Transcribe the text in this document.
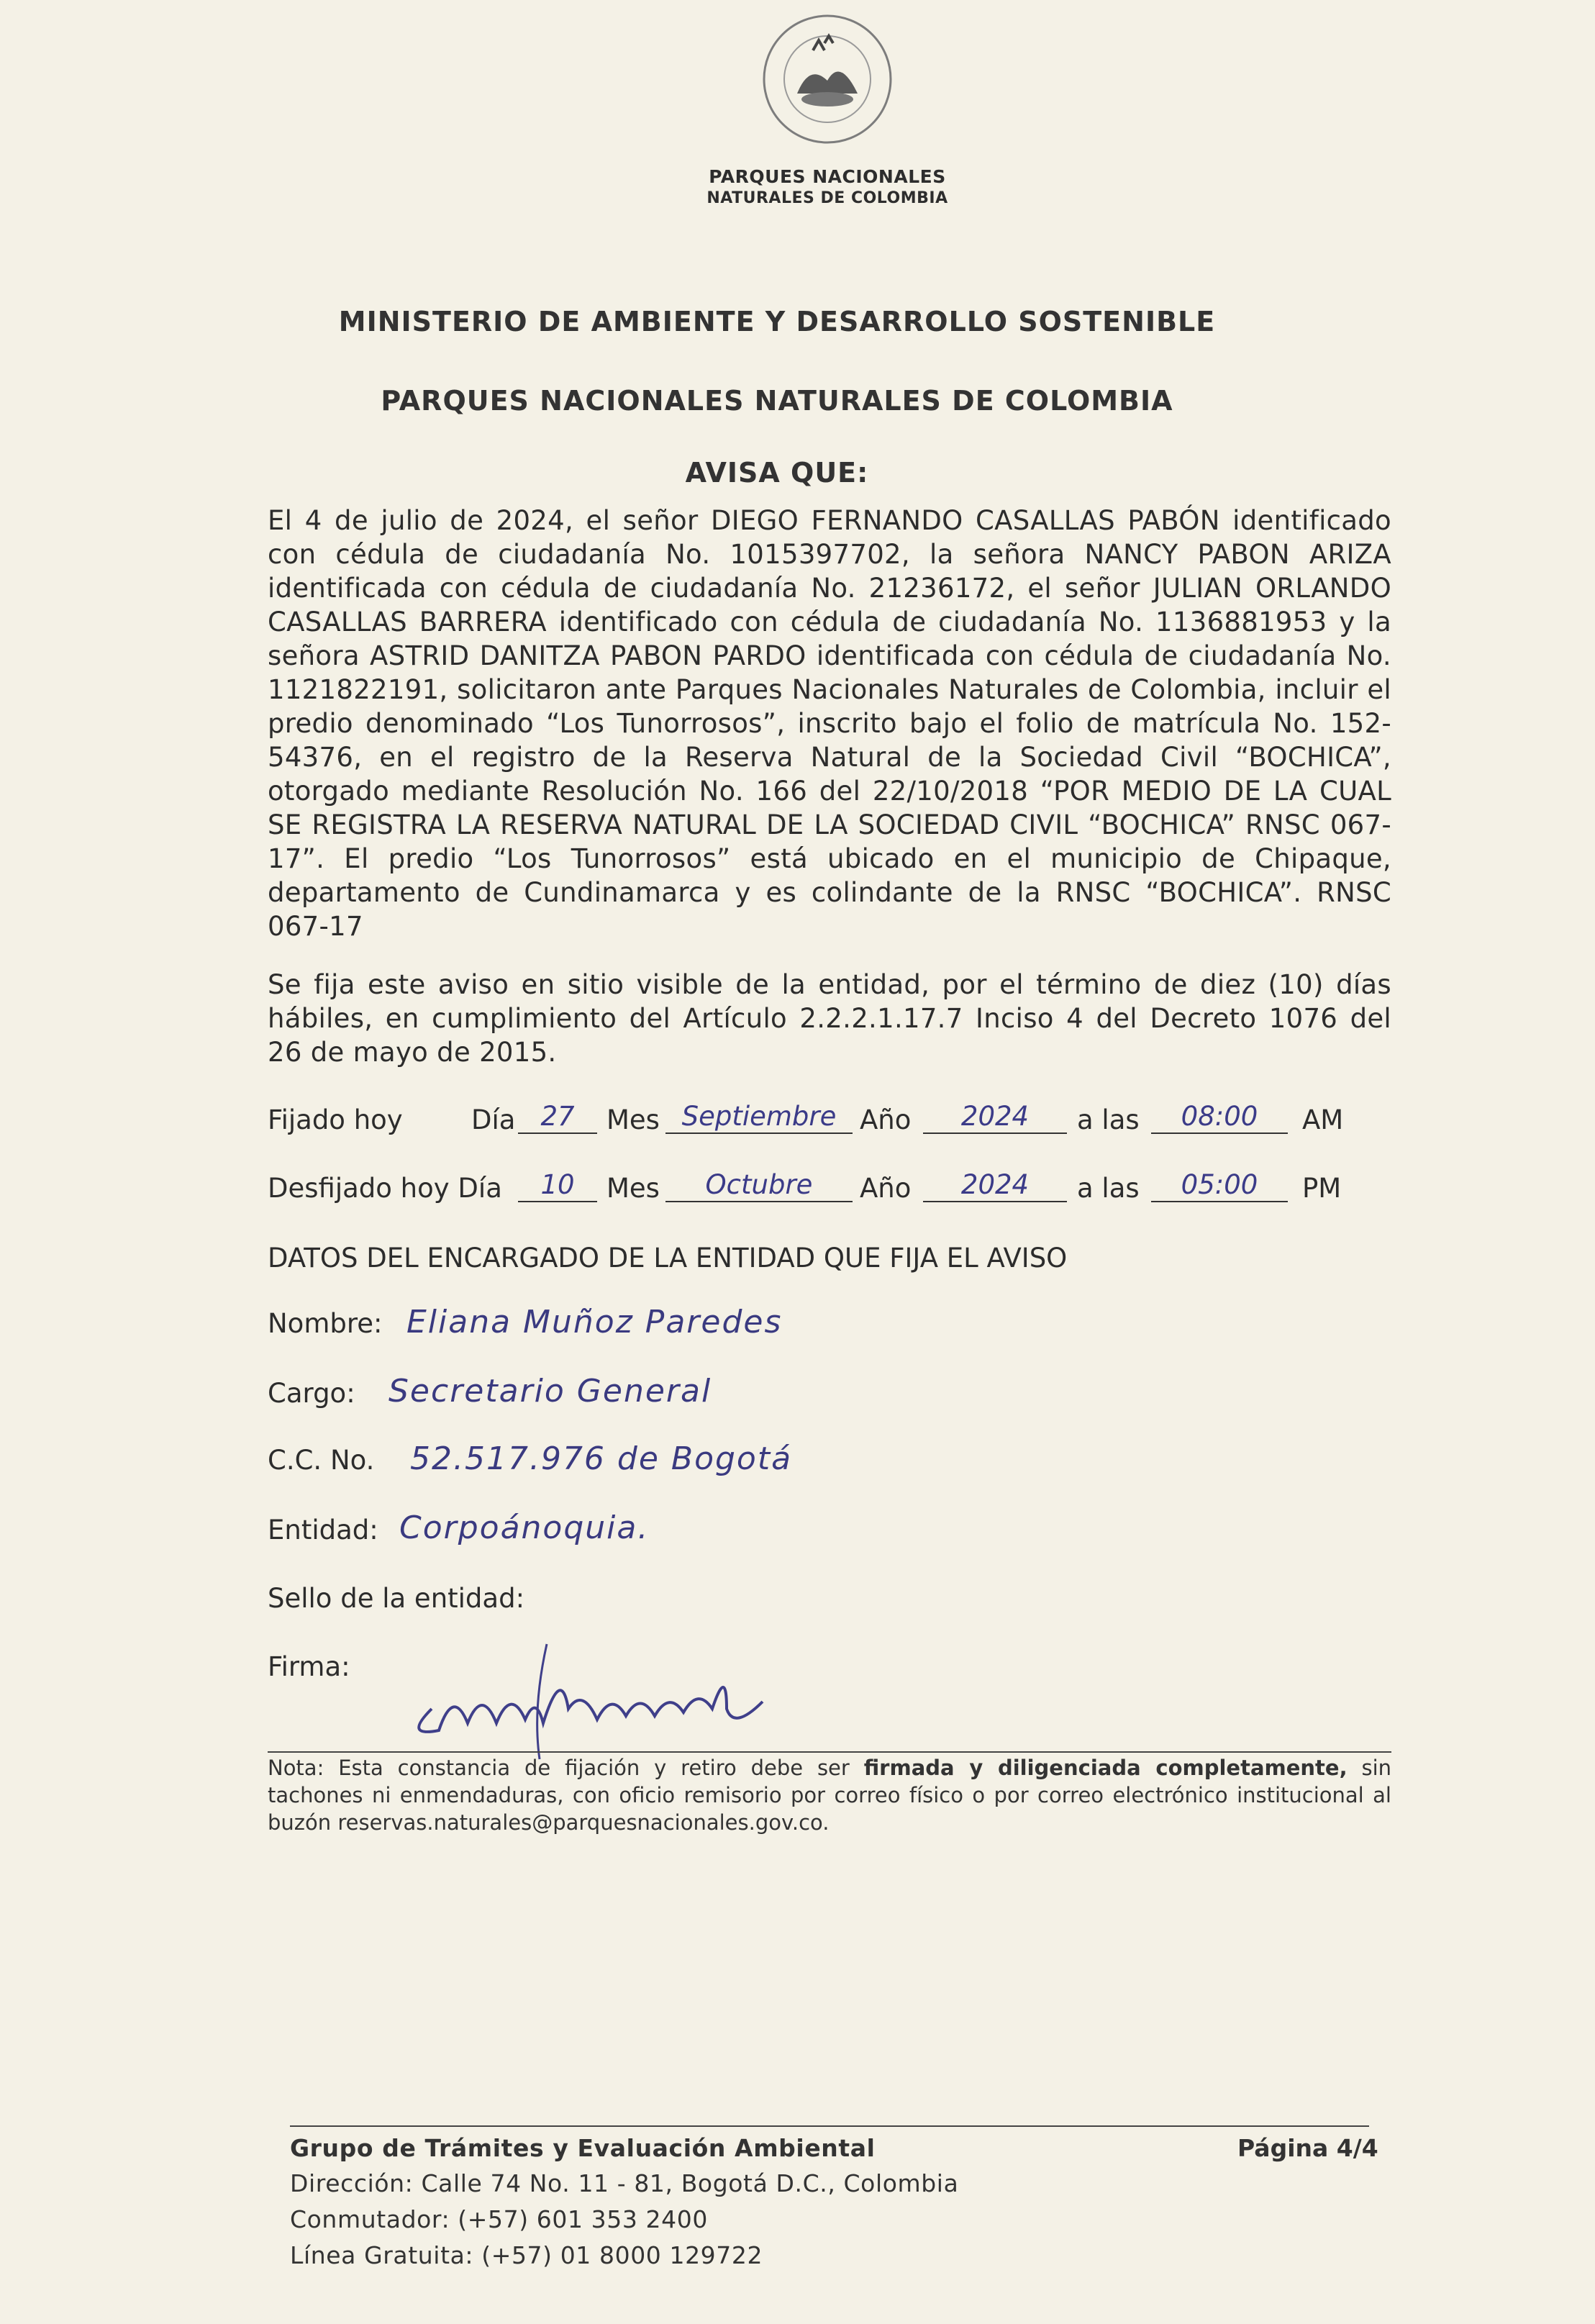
PARQUES NACIONALES
NATURALES DE COLOMBIA
MINISTERIO DE AMBIENTE Y DESARROLLO SOSTENIBLE
PARQUES NACIONALES NATURALES DE COLOMBIA
AVISA QUE:
El 4 de julio de 2024, el señor DIEGO FERNANDO CASALLAS PABÓN identificado con cédula de ciudadanía No. 1015397702, la señora NANCY PABON ARIZA identificada con cédula de ciudadanía No. 21236172, el señor JULIAN ORLANDO CASALLAS BARRERA identificado con cédula de ciudadanía No. 1136881953 y la señora ASTRID DANITZA PABON PARDO identificada con cédula de ciudadanía No. 1121822191, solicitaron ante Parques Nacionales Naturales de Colombia, incluir el predio denominado “Los Tunorrosos”, inscrito bajo el folio de matrícula No. 152-54376, en el registro de la Reserva Natural de la Sociedad Civil “BOCHICA”, otorgado mediante Resolución No. 166 del 22/10/2018 “POR MEDIO DE LA CUAL SE REGISTRA LA RESERVA NATURAL DE LA SOCIEDAD CIVIL “BOCHICA” RNSC 067-17”. El predio “Los Tunorrosos” está ubicado en el municipio de Chipaque, departamento de Cundinamarca y es colindante de la RNSC “BOCHICA”. RNSC 067-17
Se fija este aviso en sitio visible de la entidad, por el término de diez (10) días hábiles, en cumplimiento del Artículo 2.2.2.1.17.7 Inciso 4 del Decreto 1076 del 26 de mayo de 2015.
Fijado hoy	Día 27	Mes Septiembre Año	2024	a las	08:00	AM
Desfijado hoy Día	10	Mes	Octubre	Año	2024	a las	05:00	PM
DATOS DEL ENCARGADO DE LA ENTIDAD QUE FIJA EL AVISO
Nombre: Eliana Muñoz Paredes
Cargo: Secretario General
C.C. No. 52.517.976 de Bogotá
Entidad: Corpoánoquia.
Sello de la entidad:
Firma:
Nota: Esta constancia de fijación y retiro debe ser firmada y diligenciada completamente, sin tachones ni enmendaduras, con oficio remisorio por correo físico o por correo electrónico institucional al buzón reservas.naturales@parquesnacionales.gov.co.
Grupo de Trámites y Evaluación Ambiental	Página 4/4
Dirección: Calle 74 No. 11 - 81, Bogotá D.C., Colombia
Conmutador: (+57) 601 353 2400
Línea Gratuita: (+57) 01 8000 129722
